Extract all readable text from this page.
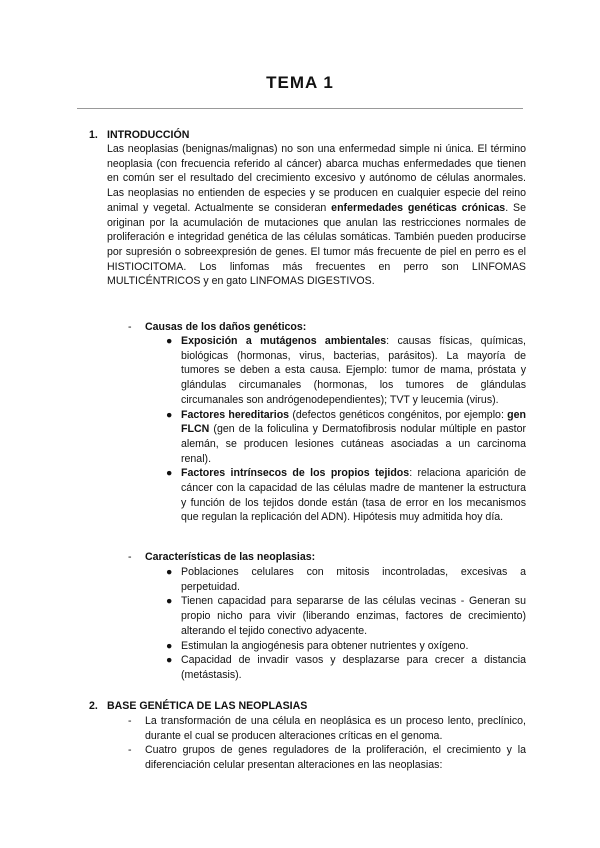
TEMA 1
1. INTRODUCCIÓN
Las neoplasias (benignas/malignas) no son una enfermedad simple ni única. El término neoplasia (con frecuencia referido al cáncer) abarca muchas enfermedades que tienen en común ser el resultado del crecimiento excesivo y autónomo de células anormales. Las neoplasias no entienden de especies y se producen en cualquier especie del reino animal y vegetal. Actualmente se consideran enfermedades genéticas crónicas. Se originan por la acumulación de mutaciones que anulan las restricciones normales de proliferación e integridad genética de las células somáticas. También pueden producirse por supresión o sobreexpresión de genes. El tumor más frecuente de piel en perro es el HISTIOCITOMA. Los linfomas más frecuentes en perro son LINFOMAS MULTICÉNTRICOS y en gato LINFOMAS DIGESTIVOS.
- Causas de los daños genéticos:
● Exposición a mutágenos ambientales: causas físicas, químicas, biológicas (hormonas, virus, bacterias, parásitos). La mayoría de tumores se deben a esta causa. Ejemplo: tumor de mama, próstata y glándulas circumanales (hormonas, los tumores de glándulas circumanales son andrógenodependientes); TVT y leucemia (virus).
● Factores hereditarios (defectos genéticos congénitos, por ejemplo: gen FLCN (gen de la foliculina y Dermatofibrosis nodular múltiple en pastor alemán, se producen lesiones cutáneas asociadas a un carcinoma renal).
● Factores intrínsecos de los propios tejidos: relaciona aparición de cáncer con la capacidad de las células madre de mantener la estructura y función de los tejidos donde están (tasa de error en los mecanismos que regulan la replicación del ADN). Hipótesis muy admitida hoy día.
- Características de las neoplasias:
● Poblaciones celulares con mitosis incontroladas, excesivas a perpetuidad.
● Tienen capacidad para separarse de las células vecinas - Generan su propio nicho para vivir (liberando enzimas, factores de crecimiento) alterando el tejido conectivo adyacente.
● Estimulan la angiogénesis para obtener nutrientes y oxígeno.
● Capacidad de invadir vasos y desplazarse para crecer a distancia (metástasis).
2. BASE GENÉTICA DE LAS NEOPLASIAS
- La transformación de una célula en neoplásica es un proceso lento, preclínico, durante el cual se producen alteraciones críticas en el genoma.
- Cuatro grupos de genes reguladores de la proliferación, el crecimiento y la diferenciación celular presentan alteraciones en las neoplasias:
